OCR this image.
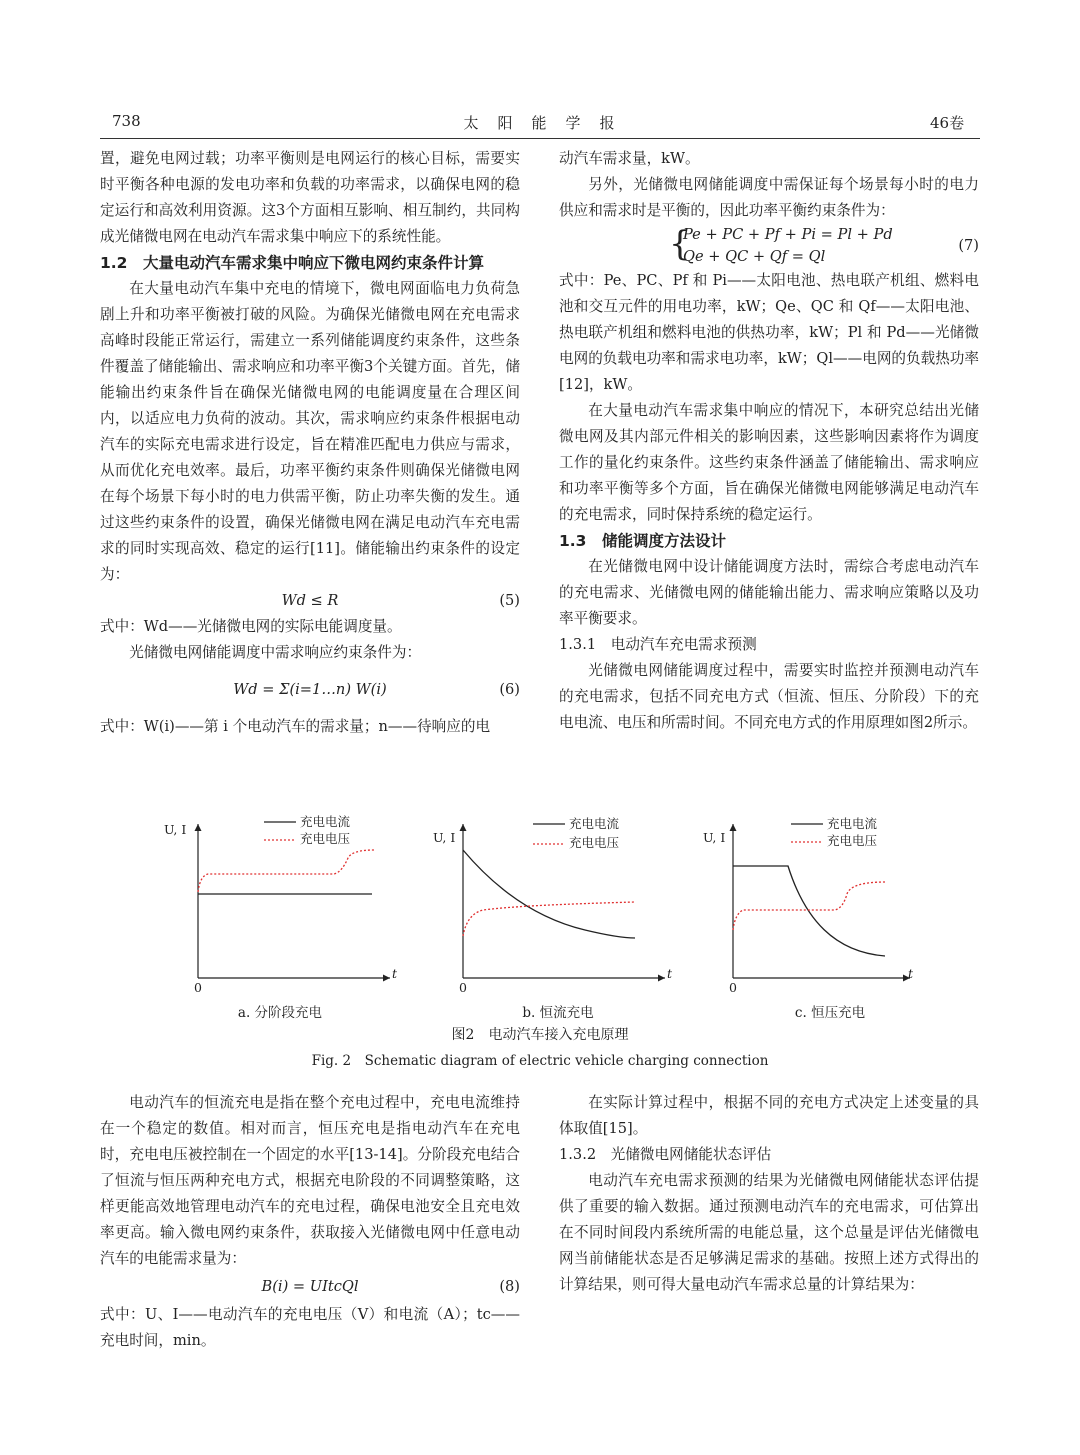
738	太　阳　能　学　报	46卷

置，避免电网过载；功率平衡则是电网运行的核心目标，需要实时平衡各种电源的发电功率和负载的功率需求，以确保电网的稳定运行和高效利用资源。这3个方面相互影响、相互制约，共同构成光储微电网在电动汽车需求集中响应下的系统性能。

1.2　大量电动汽车需求集中响应下微电网约束条件计算

在大量电动汽车集中充电的情境下，微电网面临电力负荷急剧上升和功率平衡被打破的风险。为确保光储微电网在充电需求高峰时段能正常运行，需建立一系列储能调度约束条件，这些条件覆盖了储能输出、需求响应和功率平衡3个关键方面。首先，储能输出约束条件旨在确保光储微电网的电能调度量在合理区间内，以适应电力负荷的波动。其次，需求响应约束条件根据电动汽车的实际充电需求进行设定，旨在精准匹配电力供应与需求，从而优化充电效率。最后，功率平衡约束条件则确保光储微电网在每个场景下每小时的电力供需平衡，防止功率失衡的发生。通过这些约束条件的设置，确保光储微电网在满足电动汽车充电需求的同时实现高效、稳定的运行[11]。储能输出约束条件的设定为：

Wd ≤ R	(5)

式中：Wd——光储微电网的实际电能调度量。

光储微电网储能调度中需求响应约束条件为：

Wd = Σ(i=1…n) W(i)	(6)

式中：W(i)——第 i 个电动汽车的需求量；n——待响应的电

动汽车需求量，kW。

另外，光储微电网储能调度中需保证每个场景每小时的电力供应和需求时是平衡的，因此功率平衡约束条件为：

{
Pe + PC + Pf + Pi = Pl + Pd
Qe + QC + Qf = Ql
(7)

式中：Pe、PC、Pf 和 Pi——太阳电池、热电联产机组、燃料电池和交互元件的用电功率，kW；Qe、QC 和 Qf——太阳电池、热电联产机组和燃料电池的供热功率，kW；Pl 和 Pd——光储微电网的负载电功率和需求电功率，kW；Ql——电网的负载热功率[12]，kW。

在大量电动汽车需求集中响应的情况下，本研究总结出光储微电网及其内部元件相关的影响因素，这些影响因素将作为调度工作的量化约束条件。这些约束条件涵盖了储能输出、需求响应和功率平衡等多个方面，旨在确保光储微电网能够满足电动汽车的充电需求，同时保持系统的稳定运行。

1.3　储能调度方法设计

在光储微电网中设计储能调度方法时，需综合考虑电动汽车的充电需求、光储微电网的储能输出能力、需求响应策略以及功率平衡要求。

1.3.1　电动汽车充电需求预测

光储微电网储能调度过程中，需要实时监控并预测电动汽车的充电需求，包括不同充电方式（恒流、恒压、分阶段）下的充电电流、电压和所需时间。不同充电方式的作用原理如图2所示。

U, I
t
0
充电电流
充电电压	U, I
t
0
充电电流
充电电压	U, I
t
0
充电电流
充电电压
a. 分阶段充电	b. 恒流充电	c. 恒压充电
图2　电动汽车接入充电原理
Fig. 2　Schematic diagram of electric vehicle charging connection

电动汽车的恒流充电是指在整个充电过程中，充电电流维持在一个稳定的数值。相对而言，恒压充电是指电动汽车在充电时，充电电压被控制在一个固定的水平[13-14]。分阶段充电结合了恒流与恒压两种充电方式，根据充电阶段的不同调整策略，这样更能高效地管理电动汽车的充电过程，确保电池安全且充电效率更高。输入微电网约束条件，获取接入光储微电网中任意电动汽车的电能需求量为：

B(i) = UItcQl	(8)

式中：U、I——电动汽车的充电电压（V）和电流（A）；tc——充电时间，min。

在实际计算过程中，根据不同的充电方式决定上述变量的具体取值[15]。

1.3.2　光储微电网储能状态评估

电动汽车充电需求预测的结果为光储微电网储能状态评估提供了重要的输入数据。通过预测电动汽车的充电需求，可估算出在不同时间段内系统所需的电能总量，这个总量是评估光储微电网当前储能状态是否足够满足需求的基础。按照上述方式得出的计算结果，则可得大量电动汽车需求总量的计算结果为：
